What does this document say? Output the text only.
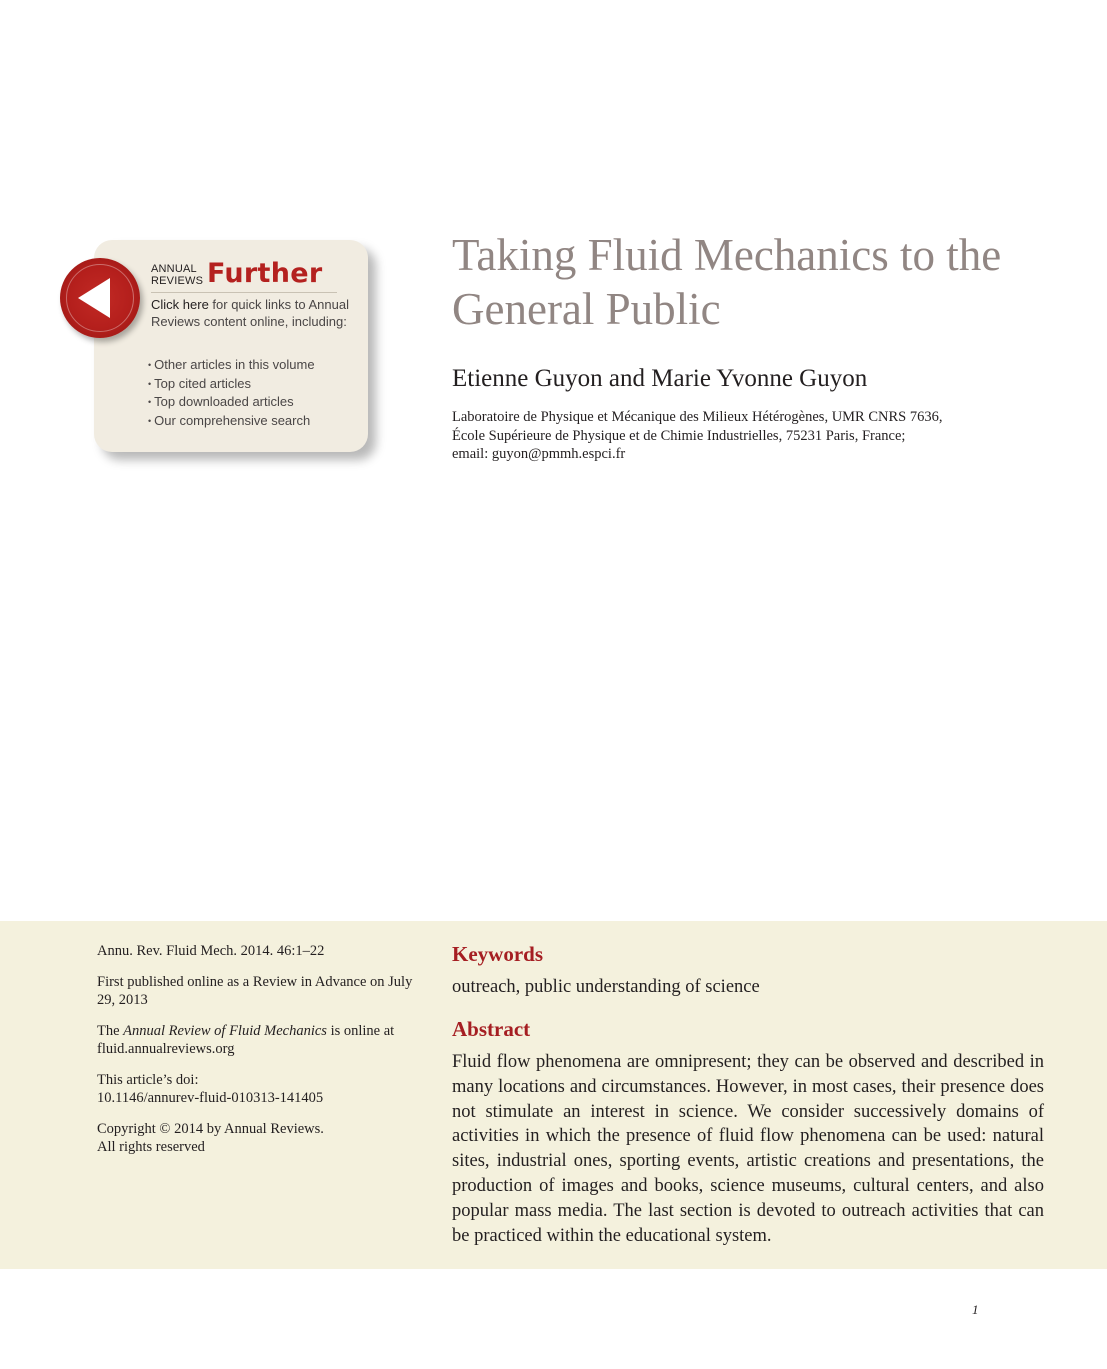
ANNUAL
REVIEWS Further
Click here for quick links to Annual Reviews content online, including:
• Other articles in this volume
• Top cited articles
• Top downloaded articles
• Our comprehensive search
Taking Fluid Mechanics to the
General Public
Etienne Guyon and Marie Yvonne Guyon
Laboratoire de Physique et Mécanique des Milieux Hétérogènes, UMR CNRS 7636,
École Supérieure de Physique et de Chimie Industrielles, 75231 Paris, France;
email: guyon@pmmh.espci.fr

Annu. Rev. Fluid Mech. 2014. 46:1–22

First published online as a Review in Advance on July 29, 2013

The Annual Review of Fluid Mechanics is online at fluid.annualreviews.org

This article’s doi:
10.1146/annurev-fluid-010313-141405

Copyright © 2014 by Annual Reviews.
All rights reserved

Keywords
outreach, public understanding of science
Abstract

Fluid flow phenomena are omnipresent; they can be observed and described in many locations and circumstances. However, in most cases, their presence does not stimulate an interest in science. We consider successively domains of activities in which the presence of fluid flow phenomena can be used: natural sites, industrial ones, sporting events, artistic creations and presentations, the production of images and books, science museums, cultural centers, and also popular mass media. The last section is devoted to outreach activities that can be practiced within the educational system.

1
